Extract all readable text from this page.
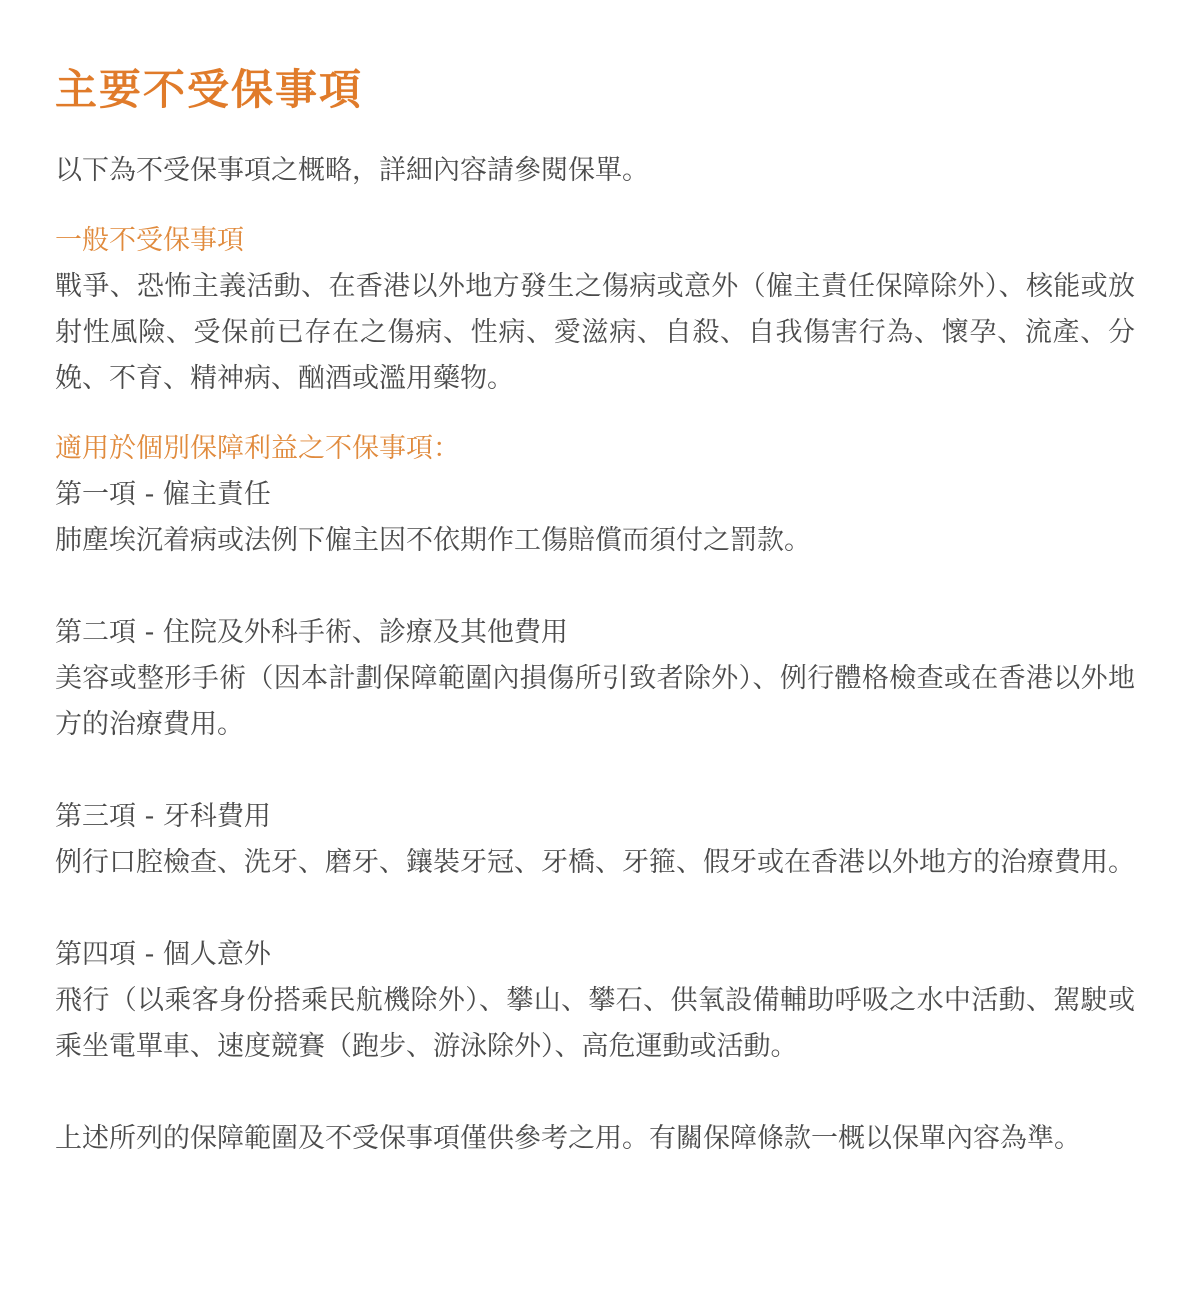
主要不受保事項
以下為不受保事項之概略，詳細內容請參閱保單。
一般不受保事項
戰爭、恐怖主義活動、在香港以外地方發生之傷病或意外（僱主責任保障除外）、核能或放射性風險、受保前已存在之傷病、性病、愛滋病、自殺、自我傷害行為、懷孕、流產、分娩、不育、精神病、酗酒或濫用藥物。
適用於個別保障利益之不保事項：
第一項 - 僱主責任
肺塵埃沉着病或法例下僱主因不依期作工傷賠償而須付之罰款。
第二項 - 住院及外科手術、診療及其他費用
美容或整形手術（因本計劃保障範圍內損傷所引致者除外）、例行體格檢查或在香港以外地方的治療費用。
第三項 - 牙科費用
例行口腔檢查、洗牙、磨牙、鑲裝牙冠、牙橋、牙箍、假牙或在香港以外地方的治療費用。
第四項 - 個人意外
飛行（以乘客身份搭乘民航機除外）、攀山、攀石、供氧設備輔助呼吸之水中活動、駕駛或乘坐電單車、速度競賽（跑步、游泳除外）、高危運動或活動。
上述所列的保障範圍及不受保事項僅供參考之用。有關保障條款一概以保單內容為準。
